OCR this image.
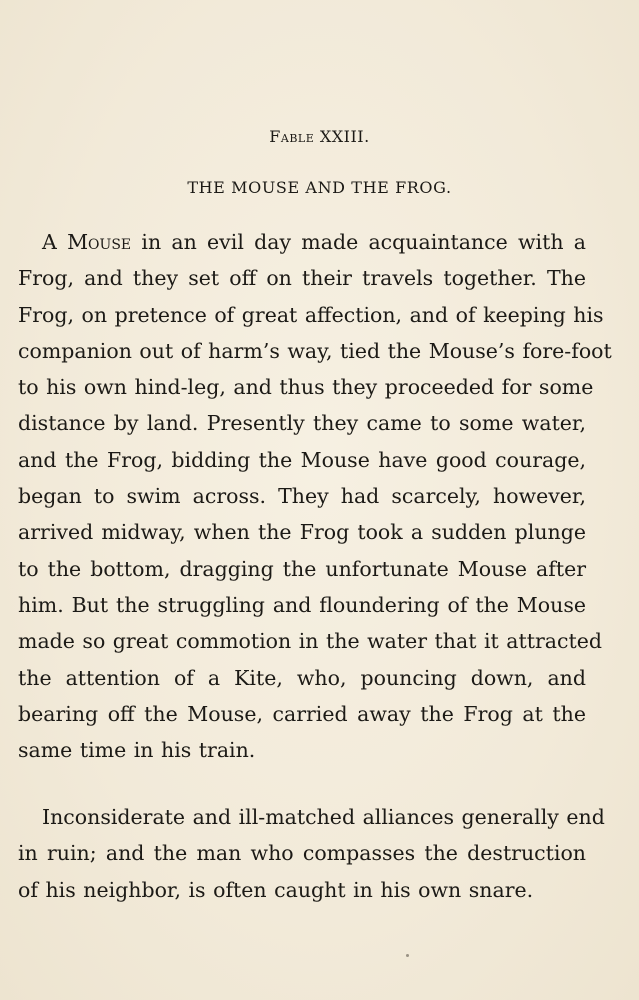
Fable XXIII.
THE MOUSE AND THE FROG.
A Mouse in an evil day made acquaintance with a
Frog, and they set off on their travels together. The
Frog, on pretence of great affection, and of keeping his
companion out of harm’s way, tied the Mouse’s fore-foot
to his own hind-leg, and thus they proceeded for some
distance by land. Presently they came to some water,
and the Frog, bidding the Mouse have good courage,
began to swim across. They had scarcely, however,
arrived midway, when the Frog took a sudden plunge
to the bottom, dragging the unfortunate Mouse after
him. But the struggling and floundering of the Mouse
made so great commotion in the water that it attracted
the attention of a Kite, who, pouncing down, and
bearing off the Mouse, carried away the Frog at the
same time in his train.
Inconsiderate and ill-matched alliances generally end
in ruin; and the man who compasses the destruction
of his neighbor, is often caught in his own snare.
